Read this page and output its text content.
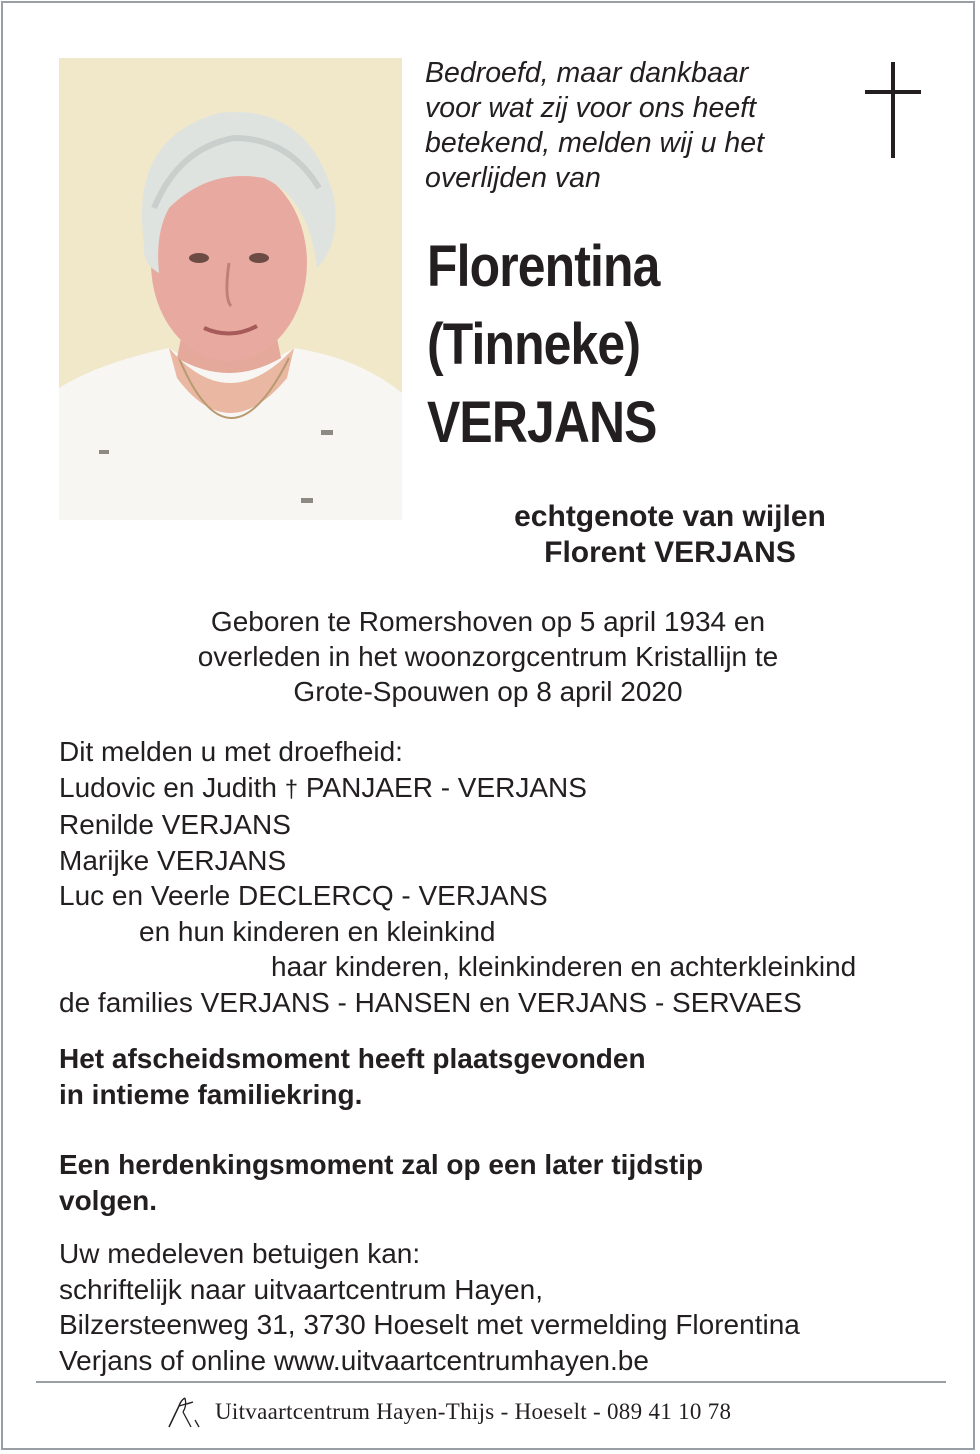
Bedroefd, maar dankbaar
voor wat zij voor ons heeft
betekend, melden wij u het
overlijden van
Florentina
(Tinneke)
VERJANS
echtgenote van wijlen
Florent VERJANS
Geboren te Romershoven op 5 april 1934 en
overleden in het woonzorgcentrum Kristallijn te
Grote-Spouwen op 8 april 2020
Dit melden u met droefheid:
Ludovic en Judith † PANJAER - VERJANS
Renilde VERJANS
Marijke VERJANS
Luc en Veerle DECLERCQ - VERJANS
en hun kinderen en kleinkind
haar kinderen, kleinkinderen en achterkleinkind
de families VERJANS - HANSEN en VERJANS - SERVAES
Het afscheidsmoment heeft plaatsgevonden
in intieme familiekring.
Een herdenkingsmoment zal op een later tijdstip
volgen.
Uw medeleven betuigen kan:
schriftelijk naar uitvaartcentrum Hayen,
Bilzersteenweg 31, 3730 Hoeselt met vermelding Florentina
Verjans of online www.uitvaartcentrumhayen.be
Uitvaartcentrum Hayen-Thijs - Hoeselt - 089 41 10 78
